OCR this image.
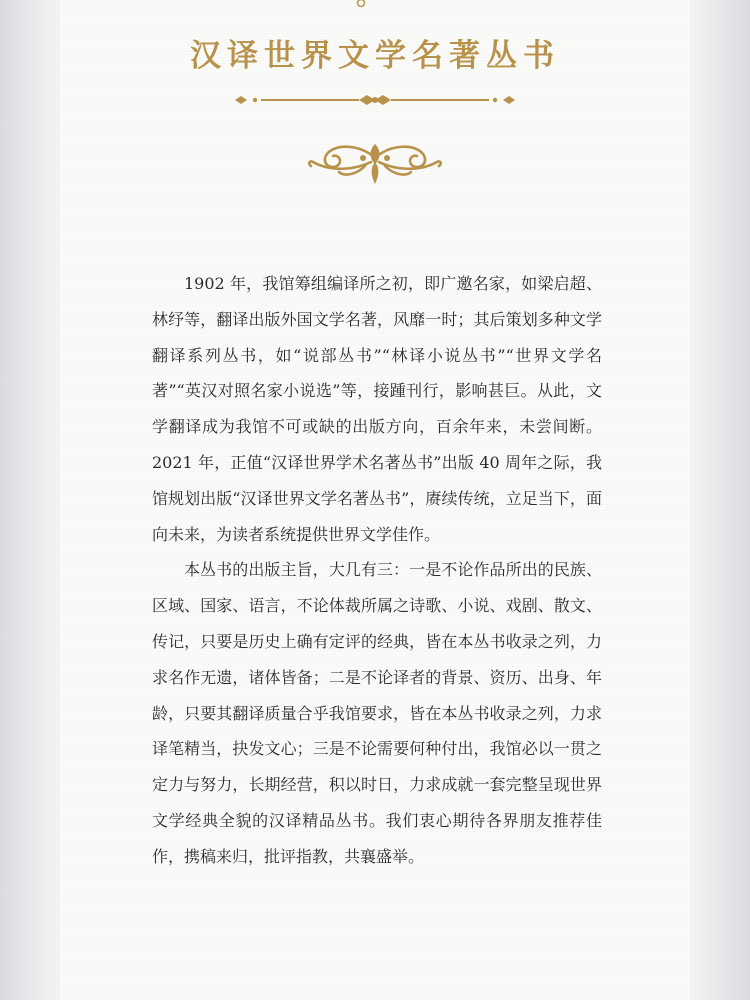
汉译世界文学名著丛书

1902 年，我馆筹组编译所之初，即广邀名家，如梁启超、林纾等，翻译出版外国文学名著，风靡一时；其后策划多种文学翻译系列丛书，如“说部丛书”“林译小说丛书”“世界文学名著”“英汉对照名家小说选”等，接踵刊行，影响甚巨。从此，文学翻译成为我馆不可或缺的出版方向，百余年来，未尝间断。2021 年，正值“汉译世界学术名著丛书”出版 40 周年之际，我馆规划出版“汉译世界文学名著丛书”，赓续传统，立足当下，面向未来，为读者系统提供世界文学佳作。

本丛书的出版主旨，大几有三：一是不论作品所出的民族、区域、国家、语言，不论体裁所属之诗歌、小说、戏剧、散文、传记，只要是历史上确有定评的经典，皆在本丛书收录之列，力求名作无遗，诸体皆备；二是不论译者的背景、资历、出身、年龄，只要其翻译质量合乎我馆要求，皆在本丛书收录之列，力求译笔精当，抉发文心；三是不论需要何种付出，我馆必以一贯之定力与努力，长期经营，积以时日，力求成就一套完整呈现世界文学经典全貌的汉译精品丛书。我们衷心期待各界朋友推荐佳作，携稿来归，批评指教，共襄盛举。
